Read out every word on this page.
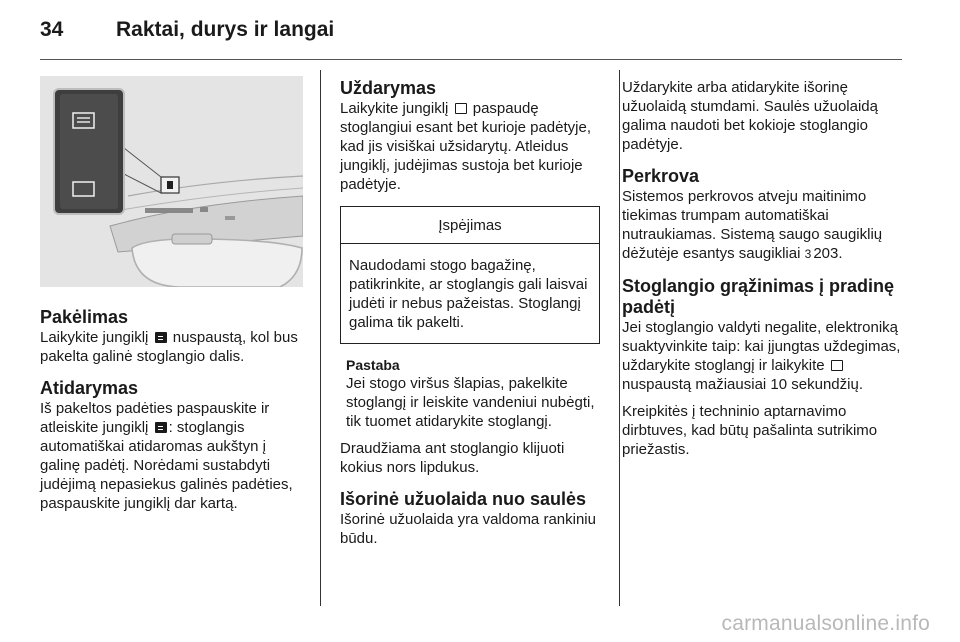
34	Raktai, durys ir langai
Pakėlimas

Laikykite jungiklį nuspaustą, kol bus pakelta galinė stoglangio dalis.

Atidarymas

Iš pakeltos padėties paspauskite ir atleiskite jungiklį : stoglangis automatiškai atidaromas aukštyn į galinę padėtį. Norėdami sustabdyti judėjimą nepasiekus galinės padėties, paspauskite jungiklį dar kartą.

Uždarymas

Laikykite jungiklį paspaudę stoglangiui esant bet kurioje padėtyje, kad jis visiškai užsidarytų. Atleidus jungiklį, judėjimas sustoja bet kurioje padėtyje.

Įspėjimas
Naudodami stogo bagažinę, patikrinkite, ar stoglangis gali laisvai judėti ir nebus pažeistas. Stoglangį galima tik pakelti.
Pastaba

Jei stogo viršus šlapias, pakelkite stoglangį ir leiskite vandeniui nubėgti, tik tuomet atidarykite stoglangį.

Draudžiama ant stoglangio klijuoti kokius nors lipdukus.

Išorinė užuolaida nuo saulės

Išorinė užuolaida yra valdoma rankiniu būdu.

Uždarykite arba atidarykite išorinę užuolaidą stumdami. Saulės užuolaidą galima naudoti bet kokioje stoglangio padėtyje.

Perkrova

Sistemos perkrovos atveju maitinimo tiekimas trumpam automatiškai nutraukiamas. Sistemą saugo saugiklių dėžutėje esantys saugikliai 3 203.

Stoglangio grąžinimas į pradinę padėtį

Jei stoglangio valdyti negalite, elektroniką suaktyvinkite taip: kai įjungtas uždegimas, uždarykite stoglangį ir laikykite  nuspaustą mažiausiai 10 sekundžių.

Kreipkitės į techninio aptarnavimo dirbtuves, kad būtų pašalinta sutrikimo priežastis.

carmanualsonline.info
